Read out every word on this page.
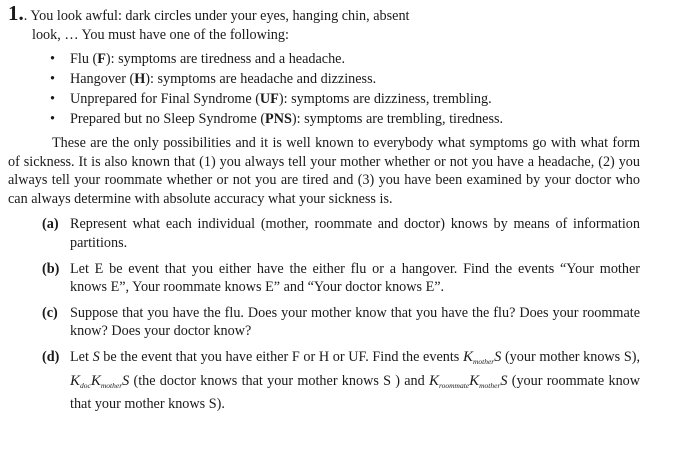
1.. You look awful: dark circles under your eyes, hanging chin, absent
look, … You must have one of the following:

• Flu (F): symptoms are tiredness and a headache.
• Hangover (H): symptoms are headache and dizziness.
• Unprepared for Final Syndrome (UF): symptoms are dizziness, trembling.
• Prepared but no Sleep Syndrome (PNS): symptoms are trembling, tiredness.

These are the only possibilities and it is well known to everybody what symptoms go with what form of sickness. It is also known that (1) you always tell your mother whether or not you have a headache, (2) you always tell your roommate whether or not you are tired and (3) you have been examined by your doctor who can always determine with absolute accuracy what your sickness is.

(a) Represent what each individual (mother, roommate and doctor) knows by means of information partitions.
(b) Let E be event that you either have the either flu or a hangover. Find the events “Your mother knows E”, Your roommate knows E” and “Your doctor knows E”.
(c) Suppose that you have the flu. Does your mother know that you have the flu? Does your roommate know? Does your doctor know?
(d) Let S be the event that you have either F or H or UF. Find the events $K_{mother}S$ (your mother knows S), $K_{doc}K_{mother}S$ (the doctor knows that your mother knows S ) and $K_{roommate}K_{mother}S$ (your roommate know that your mother knows S).
